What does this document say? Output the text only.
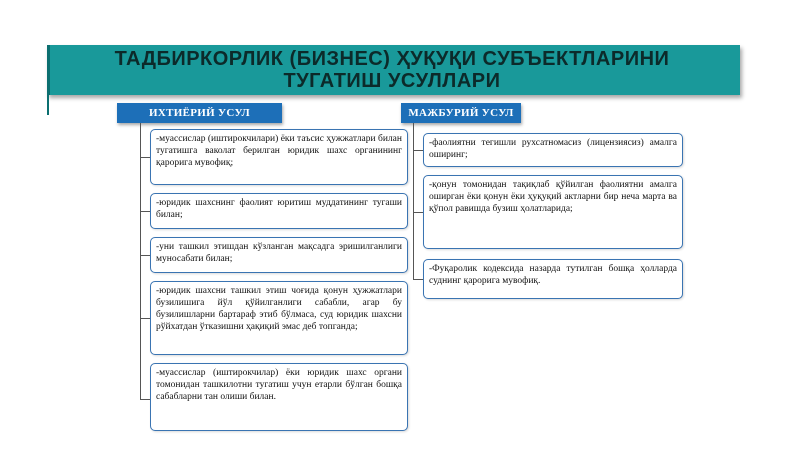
ТАДБИРКОРЛИК (БИЗНЕС) ҲУҚУҚИ СУБЪЕКТЛАРИНИ
ТУГАТИШ УСУЛЛАРИ
ИХТИЁРИЙ УСУЛ
-муассислар (иштирокчилари) ёки таъсис ҳужжатлари билан тугатишга ваколат берилган юридик шахс органининг қарорига мувофиқ;
-юридик шахснинг фаолият юритиш муддатининг тугаши билан;
-уни ташкил этишдан кўзланган мақсадга эришилганлиги муносабати билан;
-юридик шахсни ташкил этиш чоғида қонун ҳужжатлари бузилишига йўл қўйилганлиги сабабли, агар бу бузилишларни бартараф этиб бўлмаса, суд юридик шахсни рўйхатдан ўтказишни ҳақиқий эмас деб топганда;
-муассислар (иштирокчилар) ёки юридик шахс органи томонидан ташкилотни тугатиш учун етарли бўлган бошқа сабабларни тан олиши билан.
МАЖБУРИЙ УСУЛ
-фаолиятни тегишли рухсатномасиз (лицензиясиз) амалга оширинг;
-қонун томонидан тақиқлаб қўйилган фаолиятни амалга оширган ёки қонун ёки ҳуқуқий актларни бир неча марта ва қўпол равишда бузиш ҳолатларида;
-Фуқаролик кодексида назарда тутилган бошқа ҳолларда суднинг қарорига мувофиқ.
